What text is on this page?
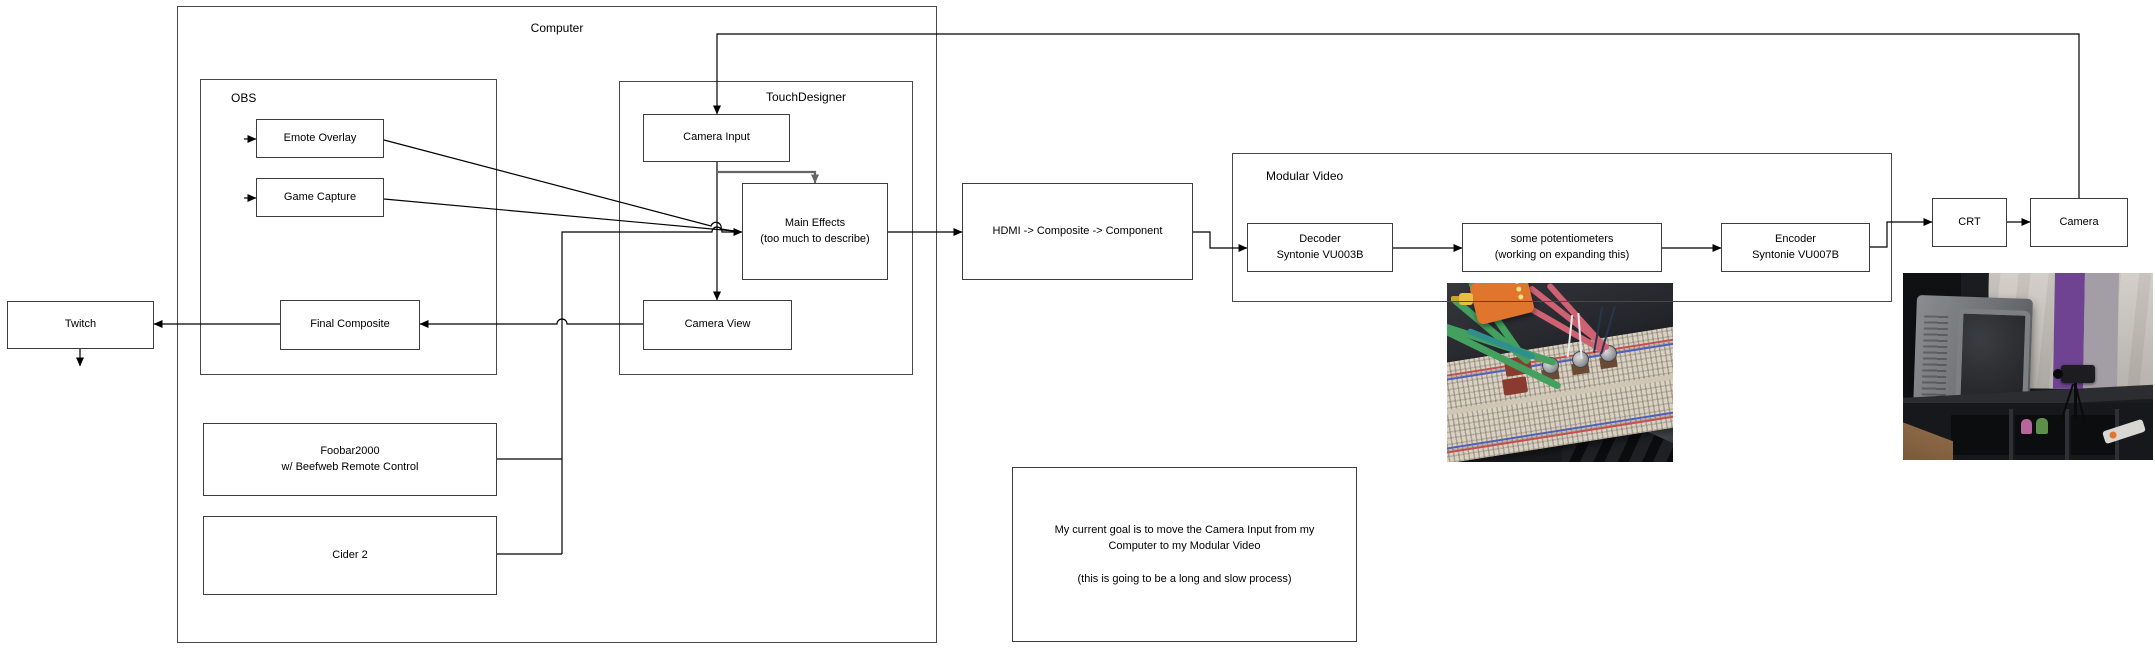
Computer
OBS	TouchDesigner
Modular Video
Twitch
Emote Overlay
Game Capture
Final Composite
Foobar2000
w/ Beefweb Remote Control
Cider 2
Camera Input
Main Effects
(too much to describe)
Camera View
HDMI -> Composite -> Component
Decoder
Syntonie VU003B
some potentiometers
(working on expanding this)
Encoder
Syntonie VU007B
CRT	Camera
My current goal is to move the Camera Input from my Computer to my Modular Video
(this is going to be a long and slow process)
